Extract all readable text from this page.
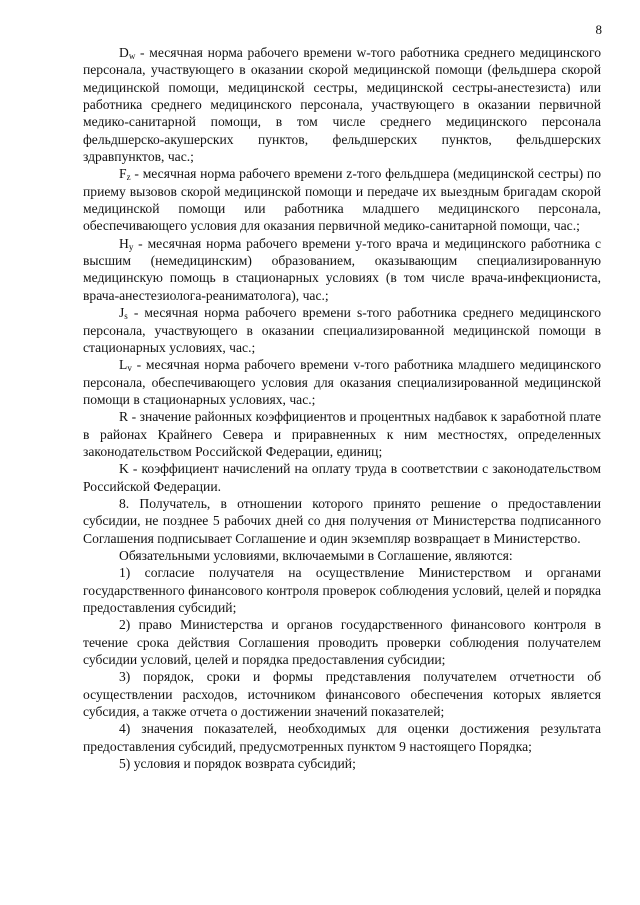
8

$D_w$ - месячная норма рабочего времени w-того работника среднего медицинского персонала, участвующего в оказании скорой медицинской помощи (фельдшера скорой медицинской помощи, медицинской сестры, медицинской сестры-анестезиста) или работника среднего медицинского персонала, участвующего в оказании первичной медико-санитарной помощи, в том числе среднего медицинского персонала фельдшерско-акушерских пунктов, фельдшерских пунктов, фельдшерских здравпунктов, час.;

$F_z$ - месячная норма рабочего времени z-того фельдшера (медицинской сестры) по приему вызовов скорой медицинской помощи и передаче их выездным бригадам скорой медицинской помощи или работника младшего медицинского персонала, обеспечивающего условия для оказания первичной медико-санитарной помощи, час.;

$H_y$ - месячная норма рабочего времени y-того врача и медицинского работника с высшим (немедицинским) образованием, оказывающим специализированную медицинскую помощь в стационарных условиях (в том числе врача-инфекциониста, врача-анестезиолога-реаниматолога), час.;

$J_s$ - месячная норма рабочего времени s-того работника среднего медицинского персонала, участвующего в оказании специализированной медицинской помощи в стационарных условиях, час.;

$L_v$ - месячная норма рабочего времени v-того работника младшего медицинского персонала, обеспечивающего условия для оказания специализированной медицинской помощи в стационарных условиях, час.;

R - значение районных коэффициентов и процентных надбавок к заработной плате в районах Крайнего Севера и приравненных к ним местностях, определенных законодательством Российской Федерации, единиц;

K - коэффициент начислений на оплату труда в соответствии с законодательством Российской Федерации.

8. Получатель, в отношении которого принято решение о предоставлении субсидии, не позднее 5 рабочих дней со дня получения от Министерства подписанного Соглашения подписывает Соглашение и один экземпляр возвращает в Министерство.

Обязательными условиями, включаемыми в Соглашение, являются:

1) согласие получателя на осуществление Министерством и органами государственного финансового контроля проверок соблюдения условий, целей и порядка предоставления субсидий;

2) право Министерства и органов государственного финансового контроля в течение срока действия Соглашения проводить проверки соблюдения получателем субсидии условий, целей и порядка предоставления субсидии;

3) порядок, сроки и формы представления получателем отчетности об осуществлении расходов, источником финансового обеспечения которых является субсидия, а также отчета о достижении значений показателей;

4) значения показателей, необходимых для оценки достижения результата предоставления субсидий, предусмотренных пунктом 9 настоящего Порядка;

5) условия и порядок возврата субсидий;
